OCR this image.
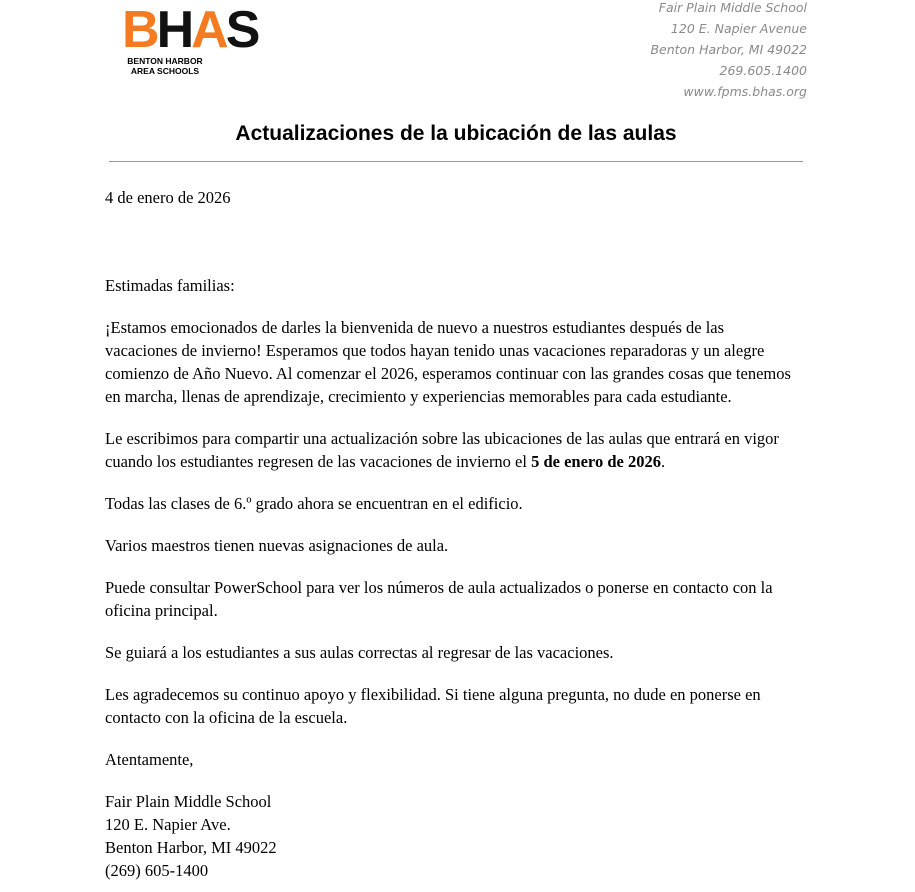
BHAS
BENTON HARBOR
AREA SCHOOLS
Fair Plain Middle School
120 E. Napier Avenue
Benton Harbor, MI 49022
269.605.1400
www.fpms.bhas.org
Actualizaciones de la ubicación de las aulas

4 de enero de 2026

Estimadas familias:

¡Estamos emocionados de darles la bienvenida de nuevo a nuestros estudiantes después de las vacaciones de invierno! Esperamos que todos hayan tenido unas vacaciones reparadoras y un alegre comienzo de Año Nuevo. Al comenzar el 2026, esperamos continuar con las grandes cosas que tenemos en marcha, llenas de aprendizaje, crecimiento y experiencias memorables para cada estudiante.

Le escribimos para compartir una actualización sobre las ubicaciones de las aulas que entrará en vigor cuando los estudiantes regresen de las vacaciones de invierno el 5 de enero de 2026.

Todas las clases de 6.º grado ahora se encuentran en el edificio.

Varios maestros tienen nuevas asignaciones de aula.

Puede consultar PowerSchool para ver los números de aula actualizados o ponerse en contacto con la oficina principal.

Se guiará a los estudiantes a sus aulas correctas al regresar de las vacaciones.

Les agradecemos su continuo apoyo y flexibilidad. Si tiene alguna pregunta, no dude en ponerse en contacto con la oficina de la escuela.

Atentamente,

Fair Plain Middle School
120 E. Napier Ave.
Benton Harbor, MI 49022
(269) 605-1400
